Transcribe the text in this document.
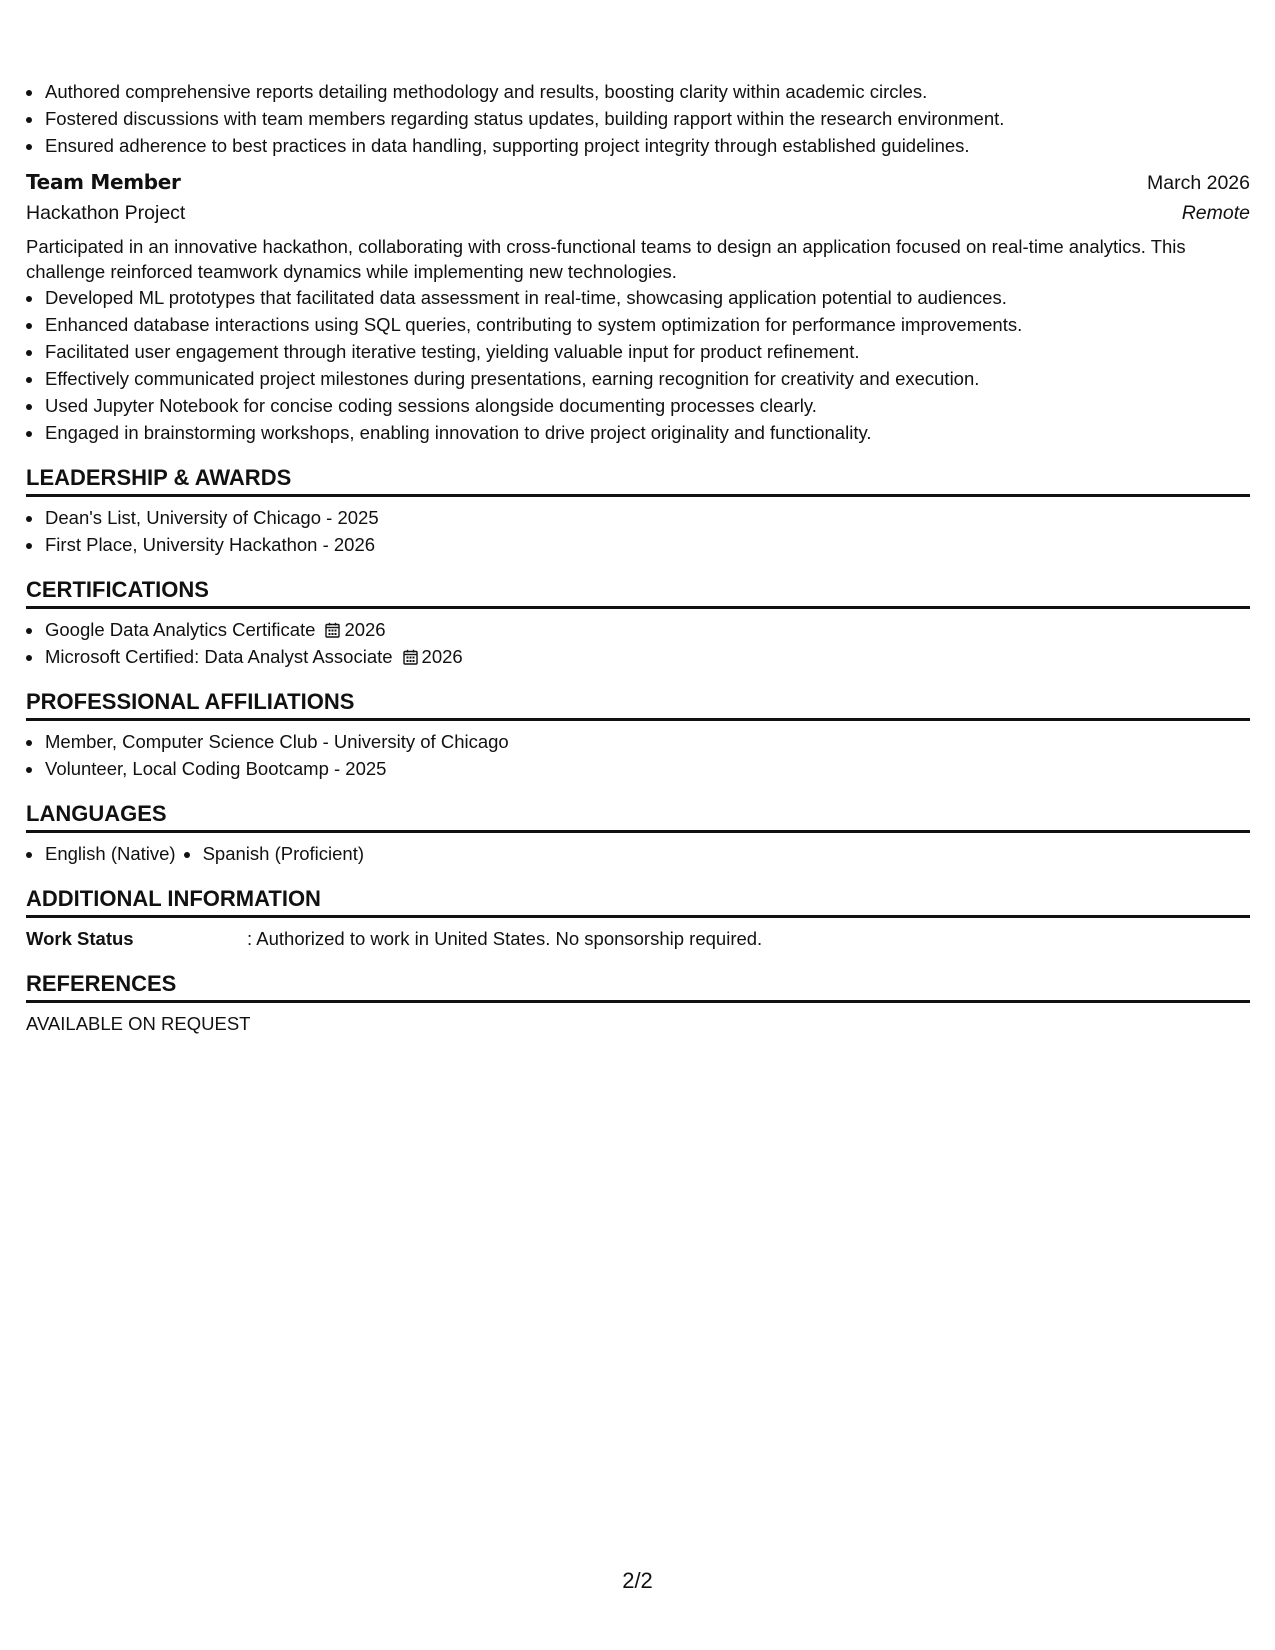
• Authored comprehensive reports detailing methodology and results, boosting clarity within academic circles.
• Fostered discussions with team members regarding status updates, building rapport within the research environment.
• Ensured adherence to best practices in data handling, supporting project integrity through established guidelines.
Team Member	March 2026
Hackathon Project	Remote
Participated in an innovative hackathon, collaborating with cross-functional teams to design an application focused on real-time analytics. This challenge reinforced teamwork dynamics while implementing new technologies.
• Developed ML prototypes that facilitated data assessment in real-time, showcasing application potential to audiences.
• Enhanced database interactions using SQL queries, contributing to system optimization for performance improvements.
• Facilitated user engagement through iterative testing, yielding valuable input for product refinement.
• Effectively communicated project milestones during presentations, earning recognition for creativity and execution.
• Used Jupyter Notebook for concise coding sessions alongside documenting processes clearly.
• Engaged in brainstorming workshops, enabling innovation to drive project originality and functionality.
LEADERSHIP & AWARDS
• Dean's List, University of Chicago - 2025
• First Place, University Hackathon - 2026
CERTIFICATIONS
• Google Data Analytics Certificate 2026
• Microsoft Certified: Data Analyst Associate 2026
PROFESSIONAL AFFILIATIONS
• Member, Computer Science Club - University of Chicago
• Volunteer, Local Coding Bootcamp - 2025
LANGUAGES
• English (Native)
• Spanish (Proficient)
ADDITIONAL INFORMATION
Work Status	: Authorized to work in United States. No sponsorship required.
REFERENCES
AVAILABLE ON REQUEST
2/2
